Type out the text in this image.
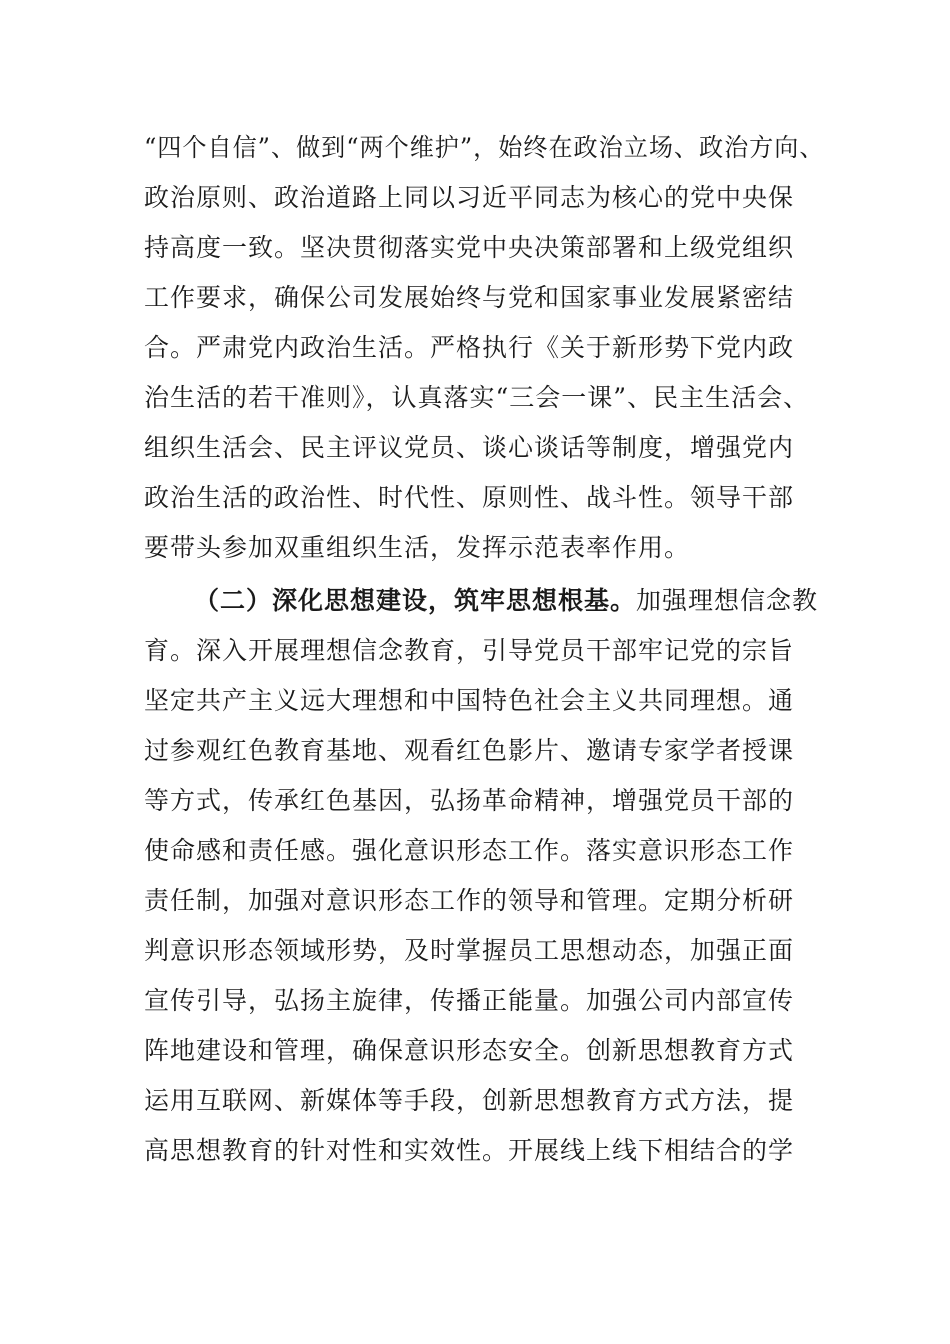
“四个自信”、做到“两个维护”，始终在政治立场、政治方向、
政治原则、政治道路上同以习近平同志为核心的党中央保
持高度一致。坚决贯彻落实党中央决策部署和上级党组织
工作要求，确保公司发展始终与党和国家事业发展紧密结
合。严肃党内政治生活。严格执行《关于新形势下党内政
治生活的若干准则》，认真落实“三会一课”、民主生活会、
组织生活会、民主评议党员、谈心谈话等制度，增强党内
政治生活的政治性、时代性、原则性、战斗性。领导干部
要带头参加双重组织生活，发挥示范表率作用。
（二）深化思想建设，筑牢思想根基。加强理想信念教
育。深入开展理想信念教育，引导党员干部牢记党的宗旨
坚定共产主义远大理想和中国特色社会主义共同理想。通
过参观红色教育基地、观看红色影片、邀请专家学者授课
等方式，传承红色基因，弘扬革命精神，增强党员干部的
使命感和责任感。强化意识形态工作。落实意识形态工作
责任制，加强对意识形态工作的领导和管理。定期分析研
判意识形态领域形势，及时掌握员工思想动态，加强正面
宣传引导，弘扬主旋律，传播正能量。加强公司内部宣传
阵地建设和管理，确保意识形态安全。创新思想教育方式
运用互联网、新媒体等手段，创新思想教育方式方法，提
高思想教育的针对性和实效性。开展线上线下相结合的学
